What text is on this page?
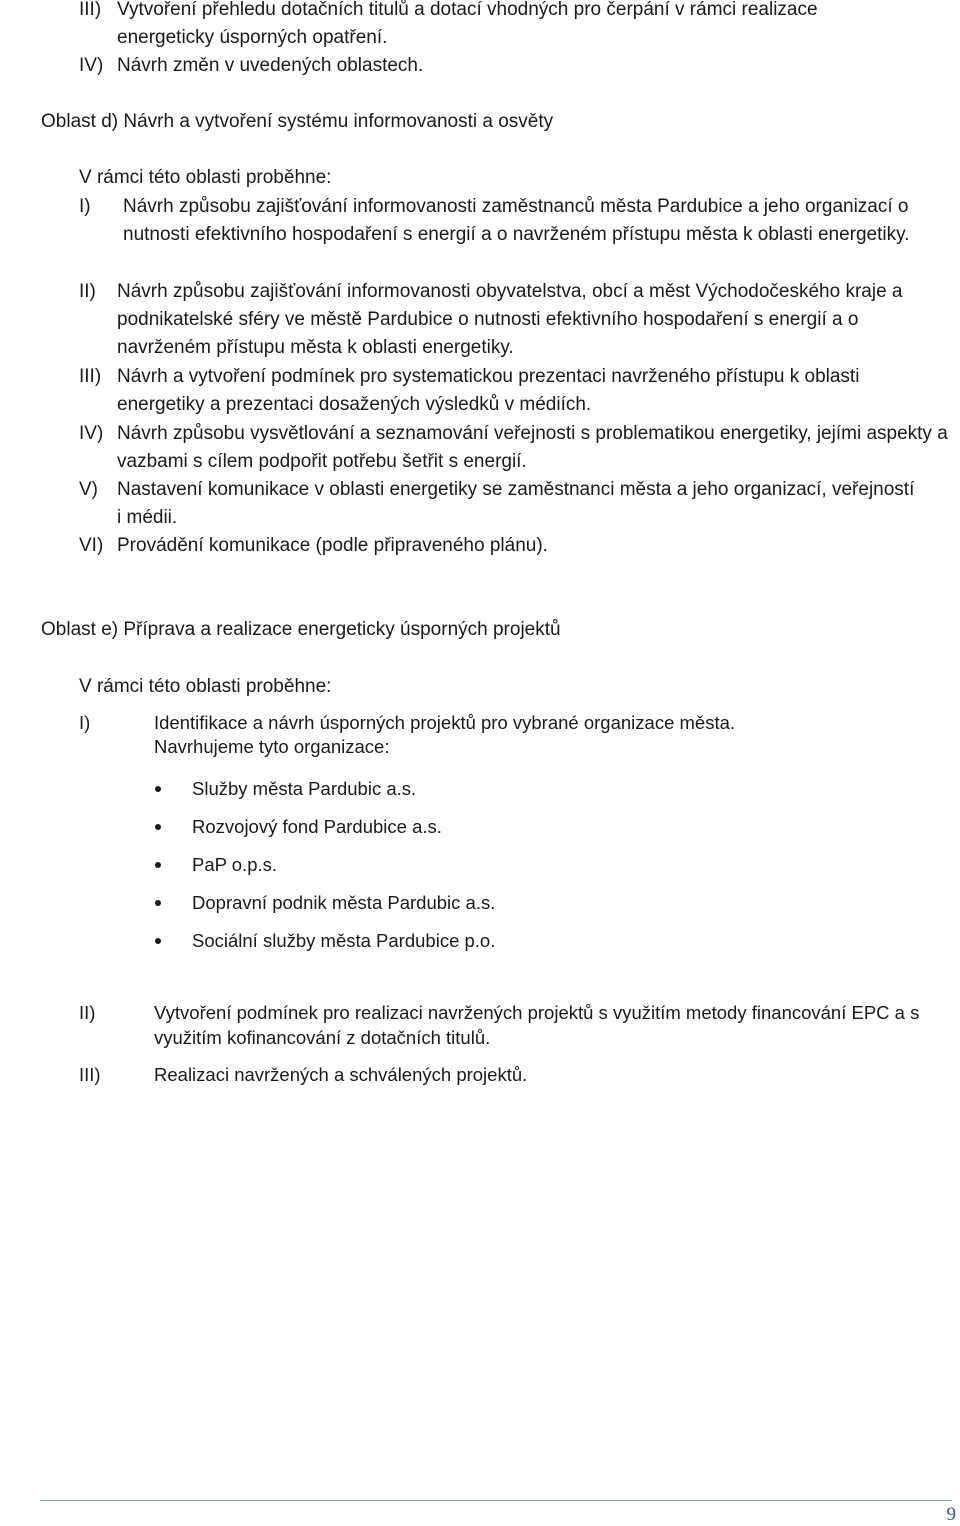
III) Vytvoření přehledu dotačních titulů a dotací vhodných pro čerpání v rámci realizace energeticky úsporných opatření.
IV) Návrh změn v uvedených oblastech.
Oblast d) Návrh a vytvoření systému informovanosti a osvěty
V rámci této oblasti proběhne:
I) Návrh způsobu zajišťování informovanosti zaměstnanců města Pardubice a jeho organizací o nutnosti efektivního hospodaření s energií a o navrženém přístupu města k oblasti energetiky.
II) Návrh způsobu zajišťování informovanosti obyvatelstva, obcí a měst Východočeského kraje a podnikatelské sféry ve městě Pardubice o nutnosti efektivního hospodaření s energií a o navrženém přístupu města k oblasti energetiky.
III) Návrh a vytvoření podmínek pro systematickou prezentaci navrženého přístupu k oblasti energetiky a prezentaci dosažených výsledků v médiích.
IV) Návrh způsobu vysvětlování a seznamování veřejnosti s problematikou energetiky, jejími aspekty a vazbami s cílem podpořit potřebu šetřit s energií.
V) Nastavení komunikace v oblasti energetiky se zaměstnanci města a jeho organizací, veřejností i médii.
VI) Provádění komunikace (podle připraveného plánu).
Oblast e) Příprava a realizace energeticky úsporných projektů
V rámci této oblasti proběhne:
I)	Identifikace a návrh úsporných projektů pro vybrané organizace města.
Navrhujeme tyto organizace:
Služby města Pardubic a.s.
Rozvojový fond Pardubice a.s.
PaP o.p.s.
Dopravní podnik města Pardubic a.s.
Sociální služby města Pardubice p.o.
II)	Vytvoření podmínek pro realizaci navržených projektů s využitím metody financování EPC a s využitím kofinancování z dotačních titulů.
III)	Realizaci navržených a schválených projektů.
9
